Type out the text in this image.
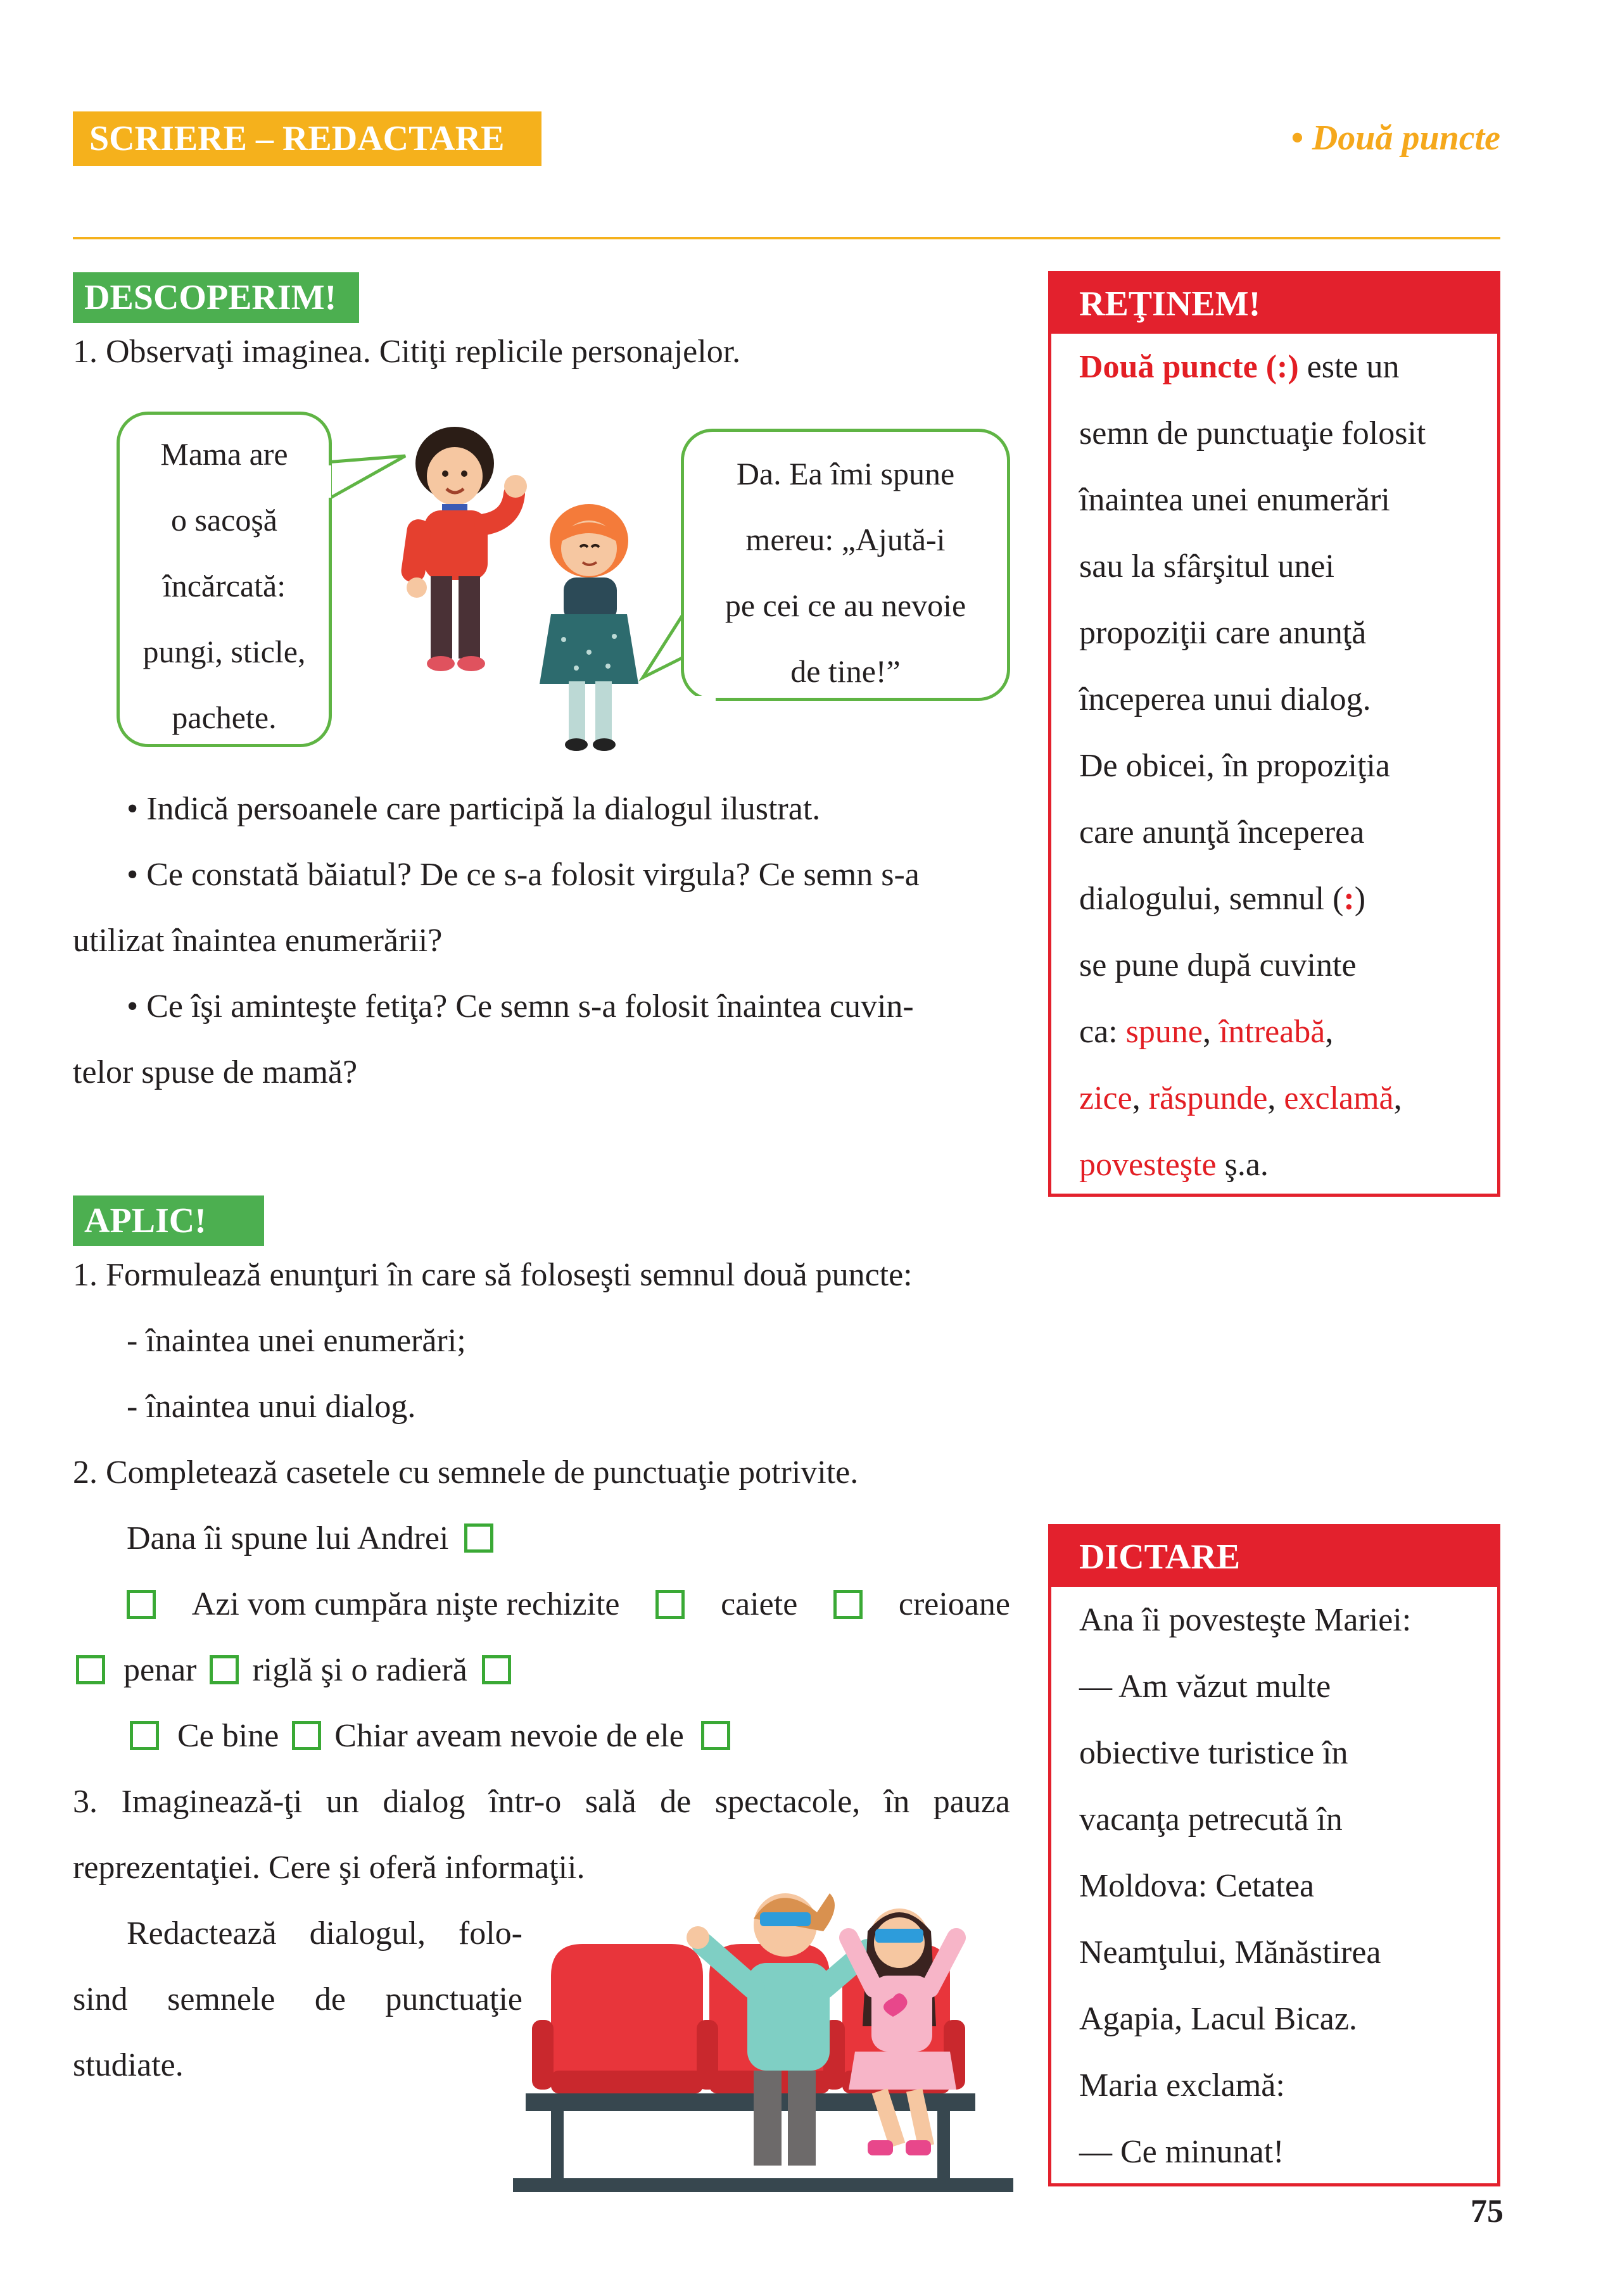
SCRIERE – REDACTARE	• Două puncte
DESCOPERIM!
1. Observaţi imaginea. Citiţi replicile personajelor.
Mama are
o sacoşă
încărcată:
pungi, sticle,
pachete.
Da. Ea îmi spune
mereu: „Ajută-i
pe cei ce au nevoie
de tine!”
• Indică persoanele care participă la dialogul ilustrat.
• Ce constată băiatul? De ce s-a folosit virgula? Ce semn s-a
utilizat înaintea enumerării?
• Ce îşi aminteşte fetiţa? Ce semn s-a folosit înaintea cuvin-
telor spuse de mamă?
REŢINEM!
Două puncte (:) este un
semn de punctuaţie folosit
înaintea unei enumerări
sau la sfârşitul unei
propoziţii care anunţă
începerea unui dialog.
De obicei, în propoziţia
care anunţă începerea
dialogului, semnul (:)
se pune după cuvinte
ca: spune, întreabă,
zice, răspunde, exclamă,
povesteşte ş.a.
APLIC!
1. Formulează enunţuri în care să foloseşti semnul două puncte:
- înaintea unei enumerări;
- înaintea unui dialog.
2. Completează casetele cu semnele de punctuaţie potrivite.
Dana îi spune lui Andrei
Azi vom cumpăra nişte rechizite	caiete	creioane
penar riglă şi o radieră
Ce bine Chiar aveam nevoie de ele
3. Imaginează-ţi un dialog într-o sală de spectacole, în pauza
reprezentaţiei. Cere şi oferă informaţii.
Redactează dialogul, folo-
sind semnele de punctuaţie
studiate.
DICTARE
Ana îi povesteşte Mariei:
— Am văzut multe
obiective turistice în
vacanţa petrecută în
Moldova: Cetatea
Neamţului, Mănăstirea
Agapia, Lacul Bicaz.
Maria exclamă:
— Ce minunat!
75
